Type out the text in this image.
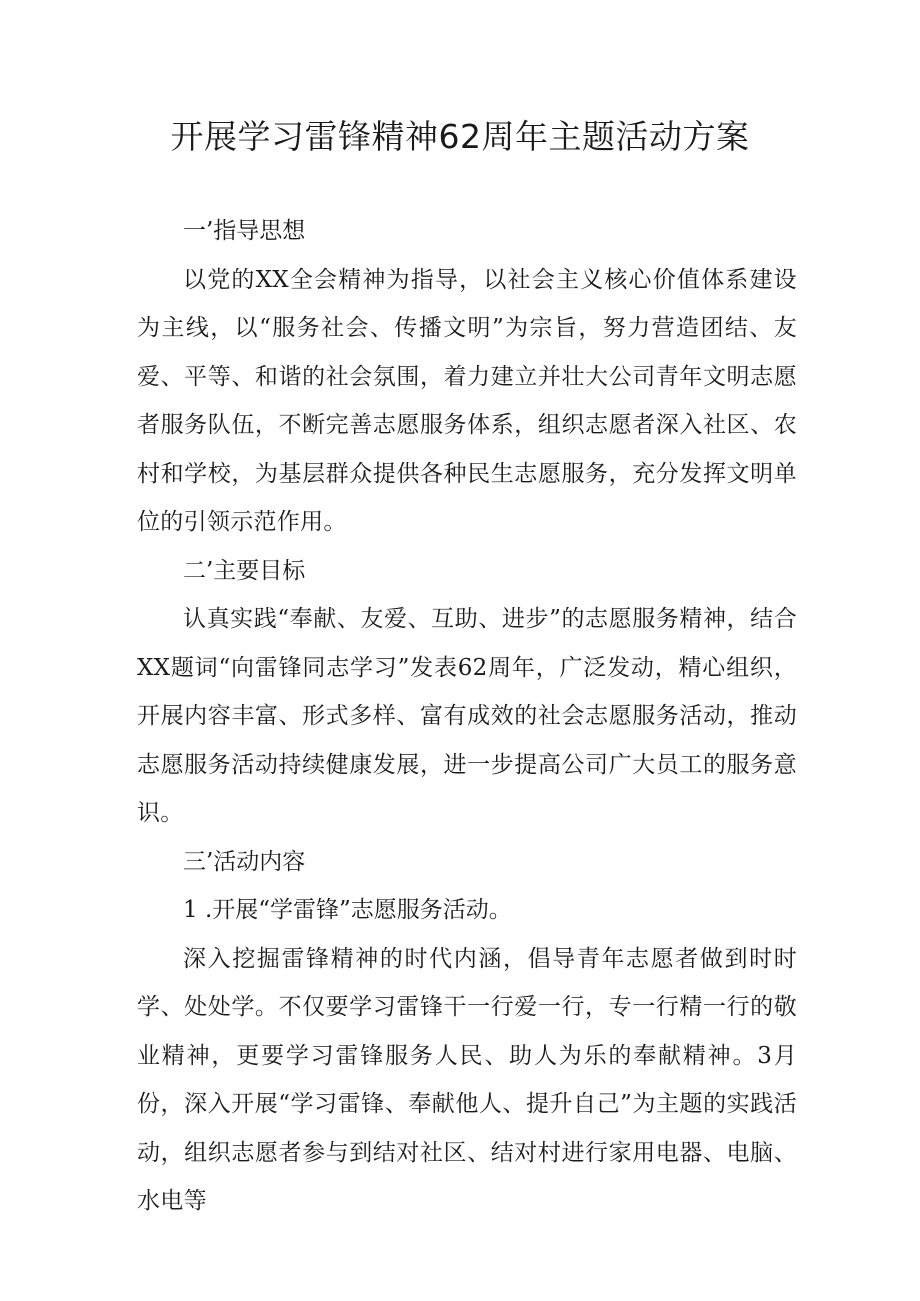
开展学习雷锋精神62周年主题活动方案

一’指导思想

以党的XX全会精神为指导，以社会主义核心价值体系建设为主线，以“服务社会、传播文明”为宗旨，努力营造团结、友爱、平等、和谐的社会氛围，着力建立并壮大公司青年文明志愿者服务队伍，不断完善志愿服务体系，组织志愿者深入社区、农村和学校，为基层群众提供各种民生志愿服务，充分发挥文明单位的引领示范作用。

二’主要目标

认真实践“奉献、友爱、互助、进步”的志愿服务精神，结合XX题词“向雷锋同志学习”发表62周年，广泛发动，精心组织，开展内容丰富、形式多样、富有成效的社会志愿服务活动，推动志愿服务活动持续健康发展，进一步提高公司广大员工的服务意识。

三’活动内容

1 .开展“学雷锋”志愿服务活动。

深入挖掘雷锋精神的时代内涵，倡导青年志愿者做到时时学、处处学。不仅要学习雷锋干一行爱一行，专一行精一行的敬业精神，更要学习雷锋服务人民、助人为乐的奉献精神。3月份，深入开展“学习雷锋、奉献他人、提升自己”为主题的实践活动，组织志愿者参与到结对社区、结对村进行家用电器、电脑、水电等
